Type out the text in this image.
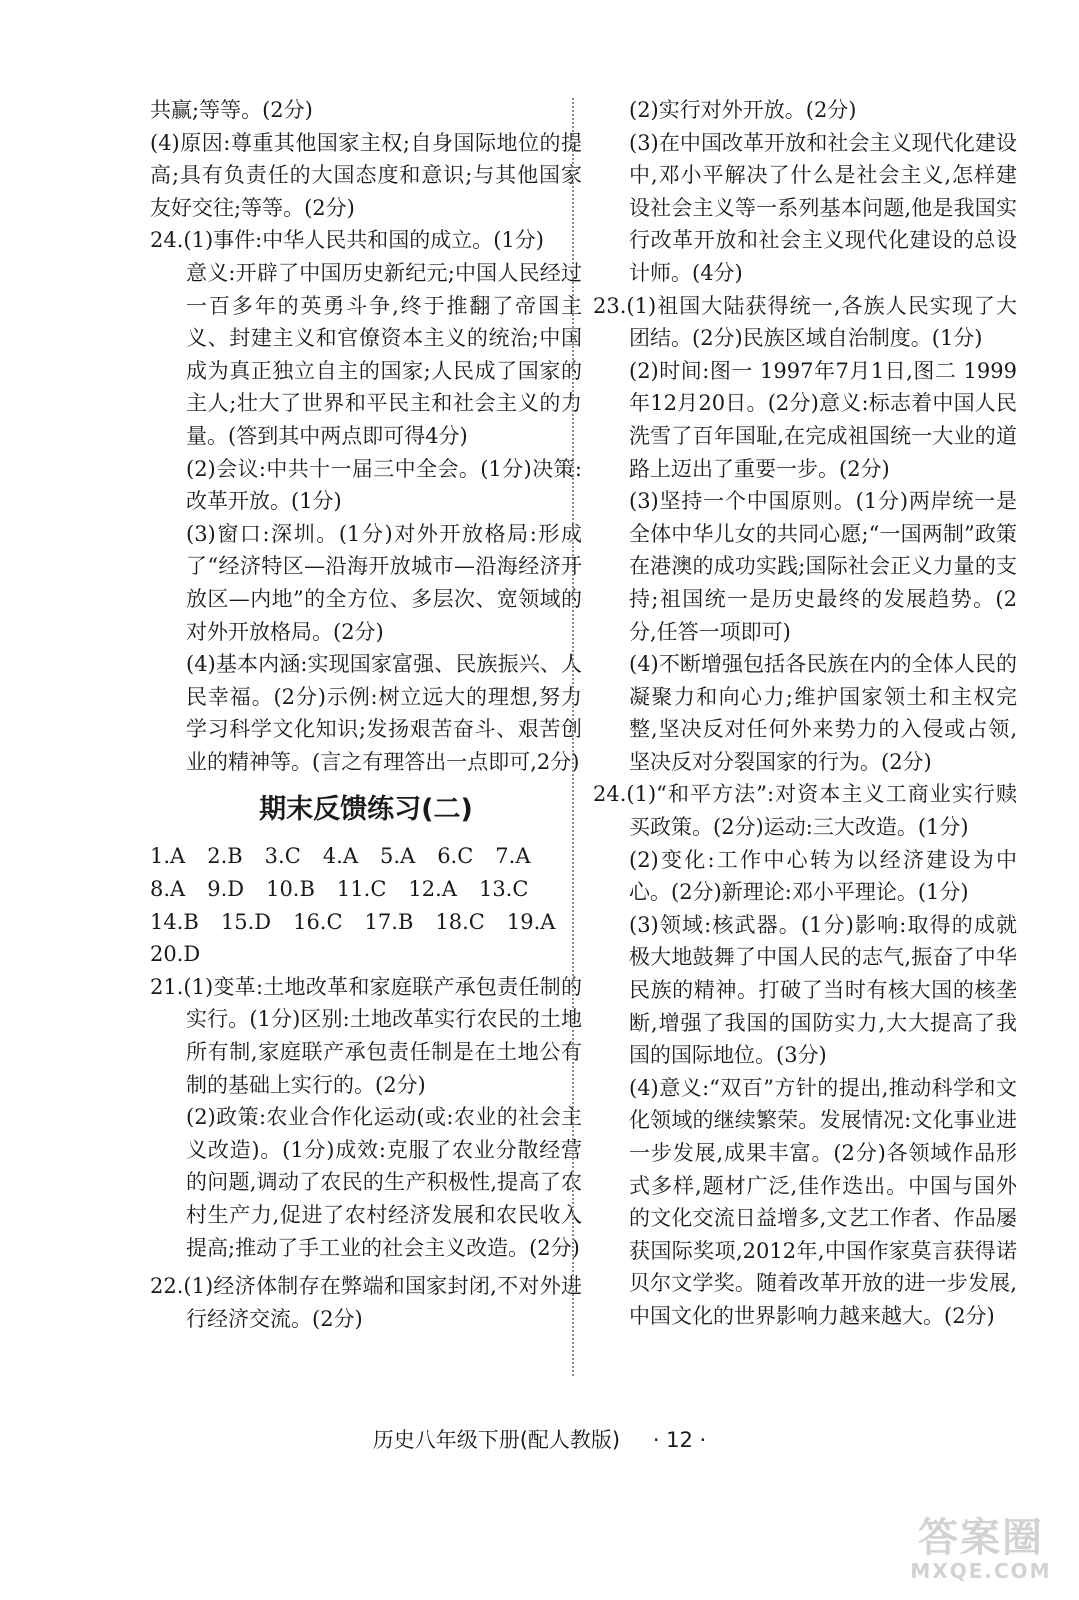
共赢;等等。(2分)

(4)原因:尊重其他国家主权;自身国际地位的提高;具有负责任的大国态度和意识;与其他国家友好交往;等等。(2分)

24.(1)事件:中华人民共和国的成立。(1分)

意义:开辟了中国历史新纪元;中国人民经过一百多年的英勇斗争,终于推翻了帝国主义、封建主义和官僚资本主义的统治;中国成为真正独立自主的国家;人民成了国家的主人;壮大了世界和平民主和社会主义的力量。(答到其中两点即可得4分)

(2)会议:中共十一届三中全会。(1分)决策:改革开放。(1分)

(3)窗口:深圳。(1分)对外开放格局:形成了“经济特区—沿海开放城市—沿海经济开放区—内地”的全方位、多层次、宽领域的对外开放格局。(2分)

(4)基本内涵:实现国家富强、民族振兴、人民幸福。(2分)示例:树立远大的理想,努力学习科学文化知识;发扬艰苦奋斗、艰苦创业的精神等。(言之有理答出一点即可,2分)

期末反馈练习(二)
1.A 2.B 3.C 4.A 5.A 6.C 7.A
8.A 9.D 10.B 11.C 12.A 13.C
14.B 15.D 16.C 17.B 18.C 19.A
20.D

21.(1)变革:土地改革和家庭联产承包责任制的实行。(1分)区别:土地改革实行农民的土地所有制,家庭联产承包责任制是在土地公有制的基础上实行的。(2分)

(2)政策:农业合作化运动(或:农业的社会主义改造)。(1分)成效:克服了农业分散经营的问题,调动了农民的生产积极性,提高了农村生产力,促进了农村经济发展和农民收入提高;推动了手工业的社会主义改造。(2分)

22.(1)经济体制存在弊端和国家封闭,不对外进行经济交流。(2分)

(2)实行对外开放。(2分)

(3)在中国改革开放和社会主义现代化建设中,邓小平解决了什么是社会主义,怎样建设社会主义等一系列基本问题,他是我国实行改革开放和社会主义现代化建设的总设计师。(4分)

23.(1)祖国大陆获得统一,各族人民实现了大团结。(2分)民族区域自治制度。(1分)

(2)时间:图一 1997年7月1日,图二 1999年12月20日。(2分)意义:标志着中国人民洗雪了百年国耻,在完成祖国统一大业的道路上迈出了重要一步。(2分)

(3)坚持一个中国原则。(1分)两岸统一是全体中华儿女的共同心愿;“一国两制”政策在港澳的成功实践;国际社会正义力量的支持;祖国统一是历史最终的发展趋势。(2分,任答一项即可)

(4)不断增强包括各民族在内的全体人民的凝聚力和向心力;维护国家领土和主权完整,坚决反对任何外来势力的入侵或占领,坚决反对分裂国家的行为。(2分)

24.(1)“和平方法”:对资本主义工商业实行赎买政策。(2分)运动:三大改造。(1分)

(2)变化:工作中心转为以经济建设为中心。(2分)新理论:邓小平理论。(1分)

(3)领域:核武器。(1分)影响:取得的成就极大地鼓舞了中国人民的志气,振奋了中华民族的精神。打破了当时有核大国的核垄断,增强了我国的国防实力,大大提高了我国的国际地位。(3分)

(4)意义:“双百”方针的提出,推动科学和文化领域的继续繁荣。发展情况:文化事业进一步发展,成果丰富。(2分)各领域作品形式多样,题材广泛,佳作迭出。中国与国外的文化交流日益增多,文艺工作者、作品屡获国际奖项,2012年,中国作家莫言获得诺贝尔文学奖。随着改革开放的进一步发展,中国文化的世界影响力越来越大。(2分)

历史八年级下册(配人教版) · 12 ·
答案圈
MXQE.COM
